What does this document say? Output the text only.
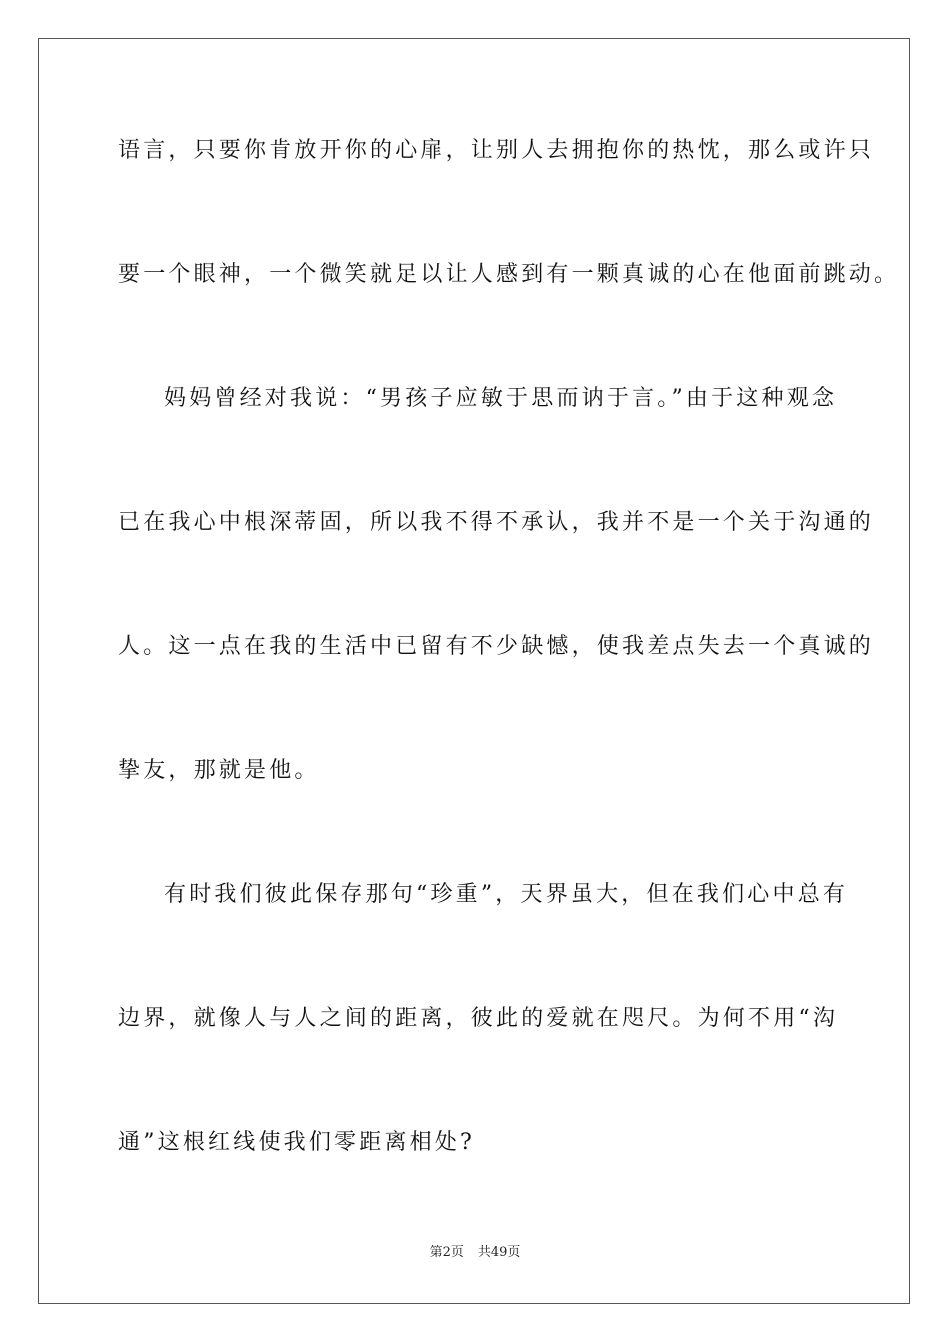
语言，只要你肯放开你的心扉，让别人去拥抱你的热忱，那么或许只
要一个眼神，一个微笑就足以让人感到有一颗真诚的心在他面前跳动。
妈妈曾经对我说：“男孩子应敏于思而讷于言。”由于这种观念
已在我心中根深蒂固，所以我不得不承认，我并不是一个关于沟通的
人。这一点在我的生活中已留有不少缺憾，使我差点失去一个真诚的
挚友，那就是他。
有时我们彼此保存那句“珍重”，天界虽大，但在我们心中总有
边界，就像人与人之间的距离，彼此的爱就在咫尺。为何不用“沟
通”这根红线使我们零距离相处?
第2页 共49页
